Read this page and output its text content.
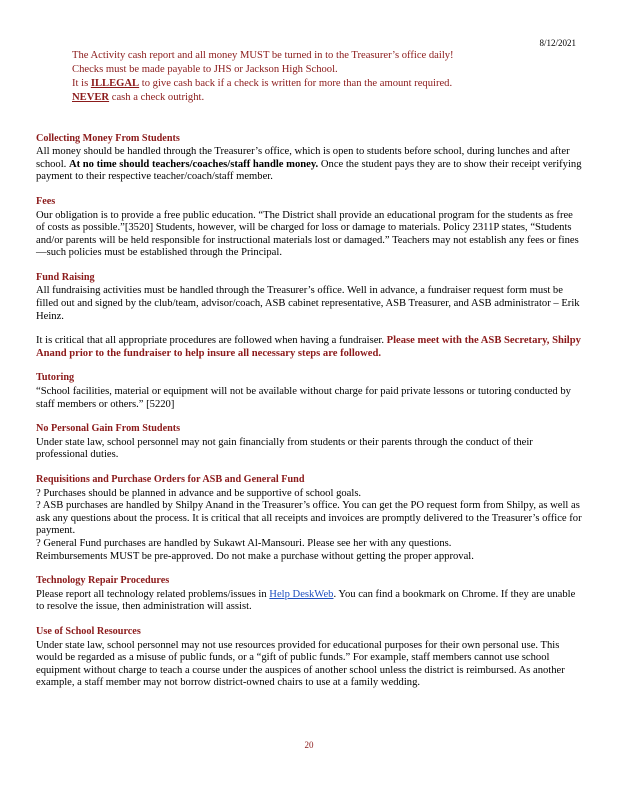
8/12/2021
The Activity cash report and all money MUST be turned in to the Treasurer’s office daily!
Checks must be made payable to JHS or Jackson High School.
It is ILLEGAL to give cash back if a check is written for more than the amount required.
NEVER cash a check outright.
Collecting Money From Students

All money should be handled through the Treasurer’s office, which is open to students before school, during lunches and after school. At no time should teachers/coaches/staff handle money. Once the student pays they are to show their receipt verifying payment to their respective teacher/coach/staff member.

Fees

Our obligation is to provide a free public education. “The District shall provide an educational program for the students as free of costs as possible.”[3520] Students, however, will be charged for loss or damage to materials. Policy 2311P states, “Students and/or parents will be held responsible for instructional materials lost or damaged.” Teachers may not establish any fees or fines—such policies must be established through the Principal.

Fund Raising

All fundraising activities must be handled through the Treasurer’s office. Well in advance, a fundraiser request form must be filled out and signed by the club/team, advisor/coach, ASB cabinet representative, ASB Treasurer, and ASB administrator – Erik Heinz.

It is critical that all appropriate procedures are followed when having a fundraiser. Please meet with the ASB Secretary, Shilpy Anand prior to the fundraiser to help insure all necessary steps are followed.

Tutoring

“School facilities, material or equipment will not be available without charge for paid private lessons or tutoring conducted by staff members or others.” [5220]

No Personal Gain From Students

Under state law, school personnel may not gain financially from students or their parents through the conduct of their professional duties.

Requisitions and Purchase Orders for ASB and General Fund

? Purchases should be planned in advance and be supportive of school goals.

? ASB purchases are handled by Shilpy Anand in the Treasurer’s office. You can get the PO request form from Shilpy, as well as ask any questions about the process. It is critical that all receipts and invoices are promptly delivered to the Treasurer’s office for payment.

? General Fund purchases are handled by Sukawt Al-Mansouri. Please see her with any questions.

Reimbursements MUST be pre-approved. Do not make a purchase without getting the proper approval.

Technology Repair Procedures

Please report all technology related problems/issues in Help DeskWeb. You can find a bookmark on Chrome. If they are unable to resolve the issue, then administration will assist.

Use of School Resources

Under state law, school personnel may not use resources provided for educational purposes for their own personal use. This would be regarded as a misuse of public funds, or a “gift of public funds.” For example, staff members cannot use school equipment without charge to teach a course under the auspices of another school unless the district is reimbursed. As another example, a staff member may not borrow district-owned chairs to use at a family wedding.

20
